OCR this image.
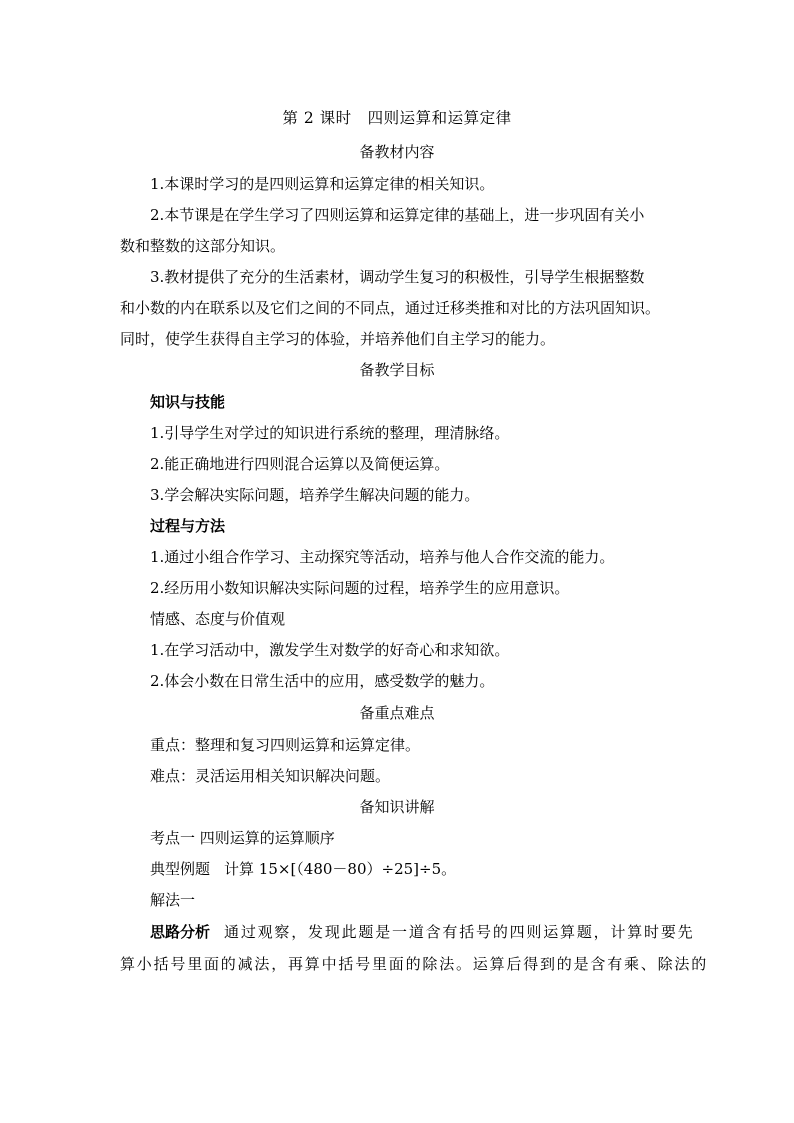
第 2 课时　四则运算和运算定律
备教材内容
1.本课时学习的是四则运算和运算定律的相关知识。
2.本节课是在学生学习了四则运算和运算定律的基础上，进一步巩固有关小
数和整数的这部分知识。
3.教材提供了充分的生活素材，调动学生复习的积极性，引导学生根据整数
和小数的内在联系以及它们之间的不同点，通过迁移类推和对比的方法巩固知识。
同时，使学生获得自主学习的体验，并培养他们自主学习的能力。
备教学目标
知识与技能
1.引导学生对学过的知识进行系统的整理，理清脉络。
2.能正确地进行四则混合运算以及简便运算。
3.学会解决实际问题，培养学生解决问题的能力。
过程与方法
1.通过小组合作学习、主动探究等活动，培养与他人合作交流的能力。
2.经历用小数知识解决实际问题的过程，培养学生的应用意识。
情感、态度与价值观
1.在学习活动中，激发学生对数学的好奇心和求知欲。
2.体会小数在日常生活中的应用，感受数学的魅力。
备重点难点
重点：整理和复习四则运算和运算定律。
难点：灵活运用相关知识解决问题。
备知识讲解
考点一 四则运算的运算顺序
典型例题 计算 15×[（480－80）÷25]÷5。
解法一
思路分析 通过观察，发现此题是一道含有括号的四则运算题，计算时要先
算小括号里面的减法，再算中括号里面的除法。运算后得到的是含有乘、除法的
